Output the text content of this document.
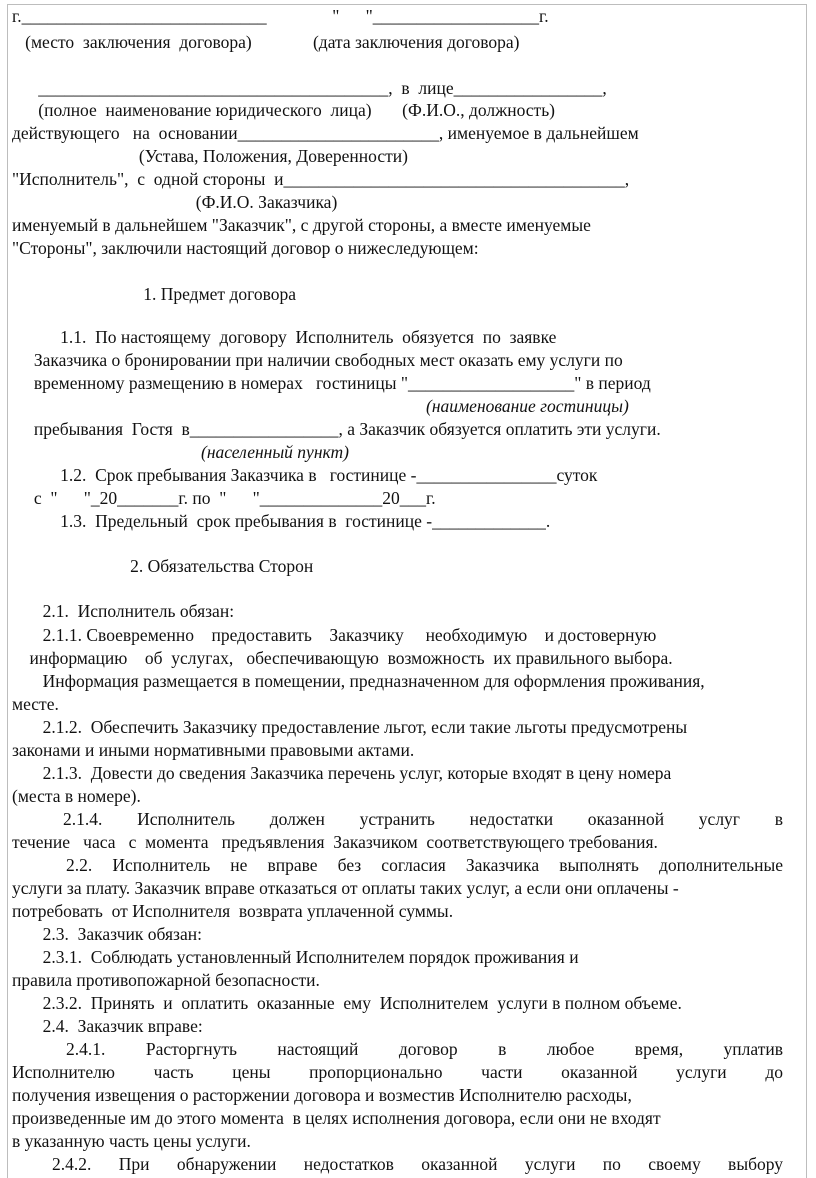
г.____________________________               "      "___________________г.
(место  заключения  договора)              (дата заключения договора)
________________________________________,  в  лице_________________,
(полное  наименование юридического  лица)       (Ф.И.О., должность)
действующего   на  основании_______________________, именуемое в дальнейшем
(Устава, Положения, Доверенности)
"Исполнитель",  с  одной стороны  и_______________________________________,
(Ф.И.О. Заказчика)
именуемый в дальнейшем "Заказчик", с другой стороны, а вместе именуемые
"Стороны", заключили настоящий договор о нижеследующем:
1. Предмет договора
1.1.  По настоящему  договору  Исполнитель  обязуется  по  заявке
Заказчика о бронировании при наличии свободных мест оказать ему услуги по
временному размещению в номерах   гостиницы "___________________" в период
(наименование гостиницы)
пребывания  Гостя  в_________________, а Заказчик обязуется оплатить эти услуги.
(населенный пункт)
1.2.  Срок пребывания Заказчика в   гостинице -________________суток
с  "      "_20_______г. по  "      "______________20___г.
1.3.  Предельный  срок пребывания в  гостинице -_____________.
2. Обязательства Сторон
2.1.  Исполнитель обязан:
2.1.1. Своевременно    предоставить    Заказчику     необходимую    и достоверную
информацию    об  услугах,   обеспечивающую  возможность  их правильного выбора.
Информация размещается в помещении, предназначенном для оформления проживания,
месте.
2.1.2.  Обеспечить Заказчику предоставление льгот, если такие льготы предусмотрены
законами и иными нормативными правовыми актами.
2.1.3.  Довести до сведения Заказчика перечень услуг, которые входят в цену номера
(места в номере).
2.1.4. Исполнитель должен устранить недостатки оказанной услуг в
течение   часа   с  момента   предъявления  Заказчиком  соответствующего требования.
2.2. Исполнитель не вправе без согласия Заказчика выполнять дополнительные
услуги за плату. Заказчик вправе отказаться от оплаты таких услуг, а если они оплачены -
потребовать  от Исполнителя  возврата уплаченной суммы.
2.3.  Заказчик обязан:
2.3.1.  Соблюдать установленный Исполнителем порядок проживания и
правила противопожарной безопасности.
2.3.2.  Принять  и  оплатить  оказанные  ему  Исполнителем  услуги в полном объеме.
2.4.  Заказчик вправе:
2.4.1. Расторгнуть настоящий договор в любое время, уплатив
Исполнителю часть цены пропорционально части оказанной услуги до
получения извещения о расторжении договора и возместив Исполнителю расходы,
произведенные им до этого момента  в целях исполнения договора, если они не входят
в указанную часть цены услуги.
2.4.2. При обнаружении недостатков оказанной услуги по своему выбору
